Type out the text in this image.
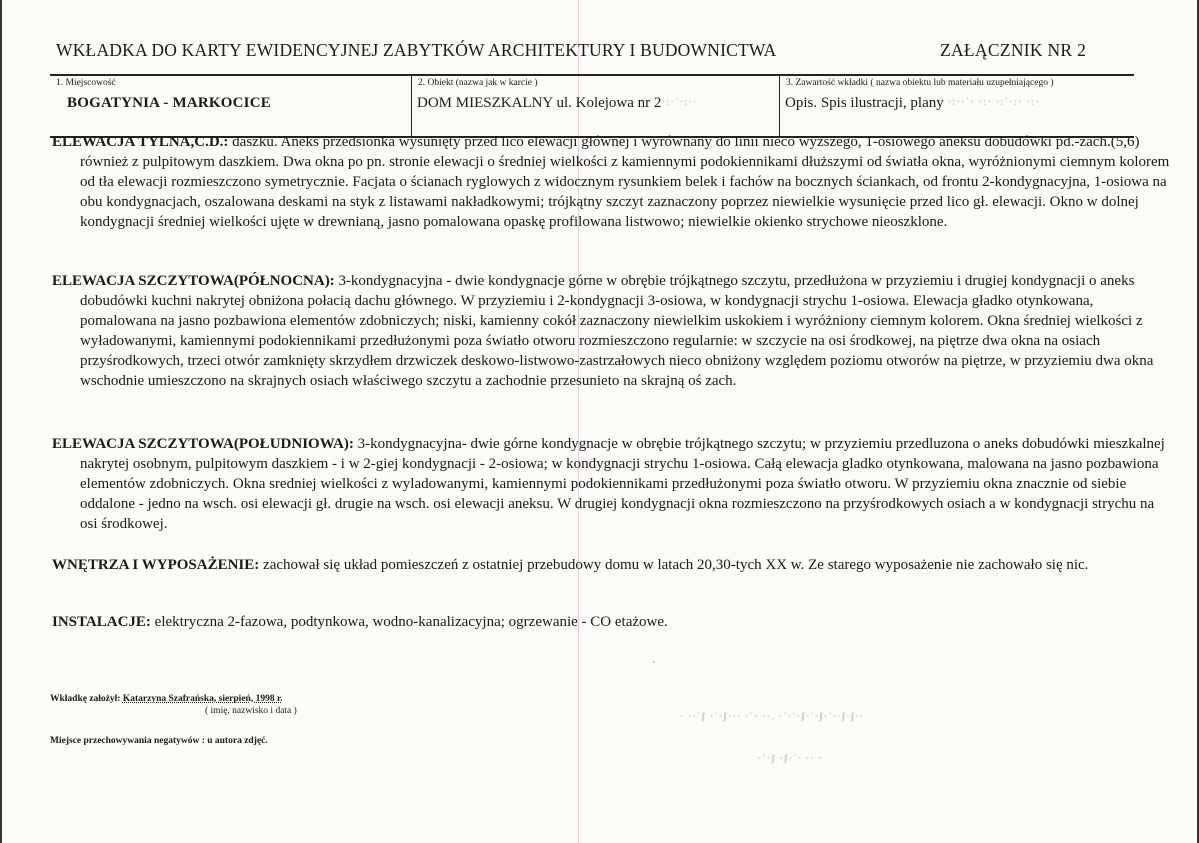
WKŁADKA DO KARTY EWIDENCYJNEJ ZABYTKÓW ARCHITEKTURY I BUDOWNICTWA	ZAŁĄCZNIK NR 2
1. Miejscowość
BOGATYNIA - MARKOCICE
2. Obiekt (nazwa jak w karcie )
DOM MIESZKALNY ul. Kolejowa nr 2·:·ʾ·:··
3. Zawartość wkładki ( nazwa obiektu lub materiału uzupełniającego )
Opis. Spis ilustracji, plany ·:··ʾ· ·:· ·:ʾ·:· ·:·
ELEWACJA TYLNA,C.D.: daszku. Aneks przedsionka wysunięty przed lico elewacji głównej i wyrównany do linii nieco wyższego, 1-osiowego aneksu dobudówki pd.-zach.(5,6) również z pulpitowym daszkiem. Dwa okna po pn. stronie elewacji o średniej wielkości z kamiennymi podokiennikami dłuższymi od światła okna, wyróżnionymi ciemnym kolorem od tła elewacji rozmieszczono symetrycznie. Facjata o ścianach ryglowych z widocznym rysunkiem belek i fachów na bocznych ściankach, od frontu 2-kondygnacyjna, 1-osiowa na obu kondygnacjach, oszalowana deskami na styk z listawami nakładkowymi; trójkątny szczyt zaznaczony poprzez niewielkie wysunięcie przed lico gł. elewacji. Okno w dolnej kondygnacji średniej wielkości ujęte w drewnianą, jasno pomalowana opaskę profilowana listwowo; niewielkie okienko strychowe nieoszklone.
ELEWACJA SZCZYTOWA(PÓŁNOCNA): 3-kondygnacyjna - dwie kondygnacje górne w obrębie trójkątnego szczytu, przedłużona w przyziemiu i drugiej kondygnacji o aneks dobudówki kuchni nakrytej obniżona połacią dachu głównego. W przyziemiu i 2-kondygnacji 3-osiowa, w kondygnacji strychu 1-osiowa. Elewacja gładko otynkowana, pomalowana na jasno pozbawiona elementów zdobniczych; niski, kamienny cokół zaznaczony niewielkim uskokiem i wyróżniony ciemnym kolorem. Okna średniej wielkości z wyładowanymi, kamiennymi podokiennikami przedłużonymi poza światło otworu rozmieszczono regularnie: w szczycie na osi środkowej, na piętrze dwa okna na osiach przyśrodkowych, trzeci otwór zamknięty skrzydłem drzwiczek deskowo-listwowo-zastrzałowych nieco obniżony względem poziomu otworów na piętrze, w przyziemiu dwa okna wschodnie umieszczono na skrajnych osiach właściwego szczytu a zachodnie przesunieto na skrajną oś zach.
ELEWACJA SZCZYTOWA(POŁUDNIOWA): 3-kondygnacyjna- dwie górne kondygnacje w obrębie trójkątnego szczytu; w przyziemiu przedluzona o aneks dobudówki mieszkalnej nakrytej osobnym, pulpitowym daszkiem - i w 2-giej kondygnacji - 2-osiowa; w kondygnacji strychu 1-osiowa. Całą elewacja gladko otynkowana, malowana na jasno pozbawiona elementów zdobniczych. Okna sredniej wielkości z wyladowanymi, kamiennymi podokiennikami przedłużonymi poza światło otworu. W przyziemiu okna znacznie od siebie oddalone - jedno na wsch. osi elewacji gł. drugie na wsch. osi elewacji aneksu. W drugiej kondygnacji okna rozmieszczono na przyśrodkowych osiach a w kondygnacji strychu na osi środkowej.
WNĘTRZA I WYPOSAŻENIE: zachował się układ pomieszczeń z ostatniej przebudowy domu w latach 20,30-tych XX w. Ze starego wyposażenie nie zachowało się nic.
INSTALACJE: elektryczna 2-fazowa, podtynkowa, wodno-kanalizacyjna; ogrzewanie - CO etażowe.
ˋ
Wkładkę założył: Katarzyna Szafrańska, sierpień, 1998 r.
( imię, nazwisko i data )
Miejsce przechowywania negatywów : u autora zdjęć.
· ··ʾʃ ·ʾ·ʃ··· ·ʾ· ··. ·ʾ·ʾ·ʃ·ʾ·ʃ·ʾ··ʃ·ʃ··
·ʾ·ʃ ·ʃ·ʾ· ·· ·
